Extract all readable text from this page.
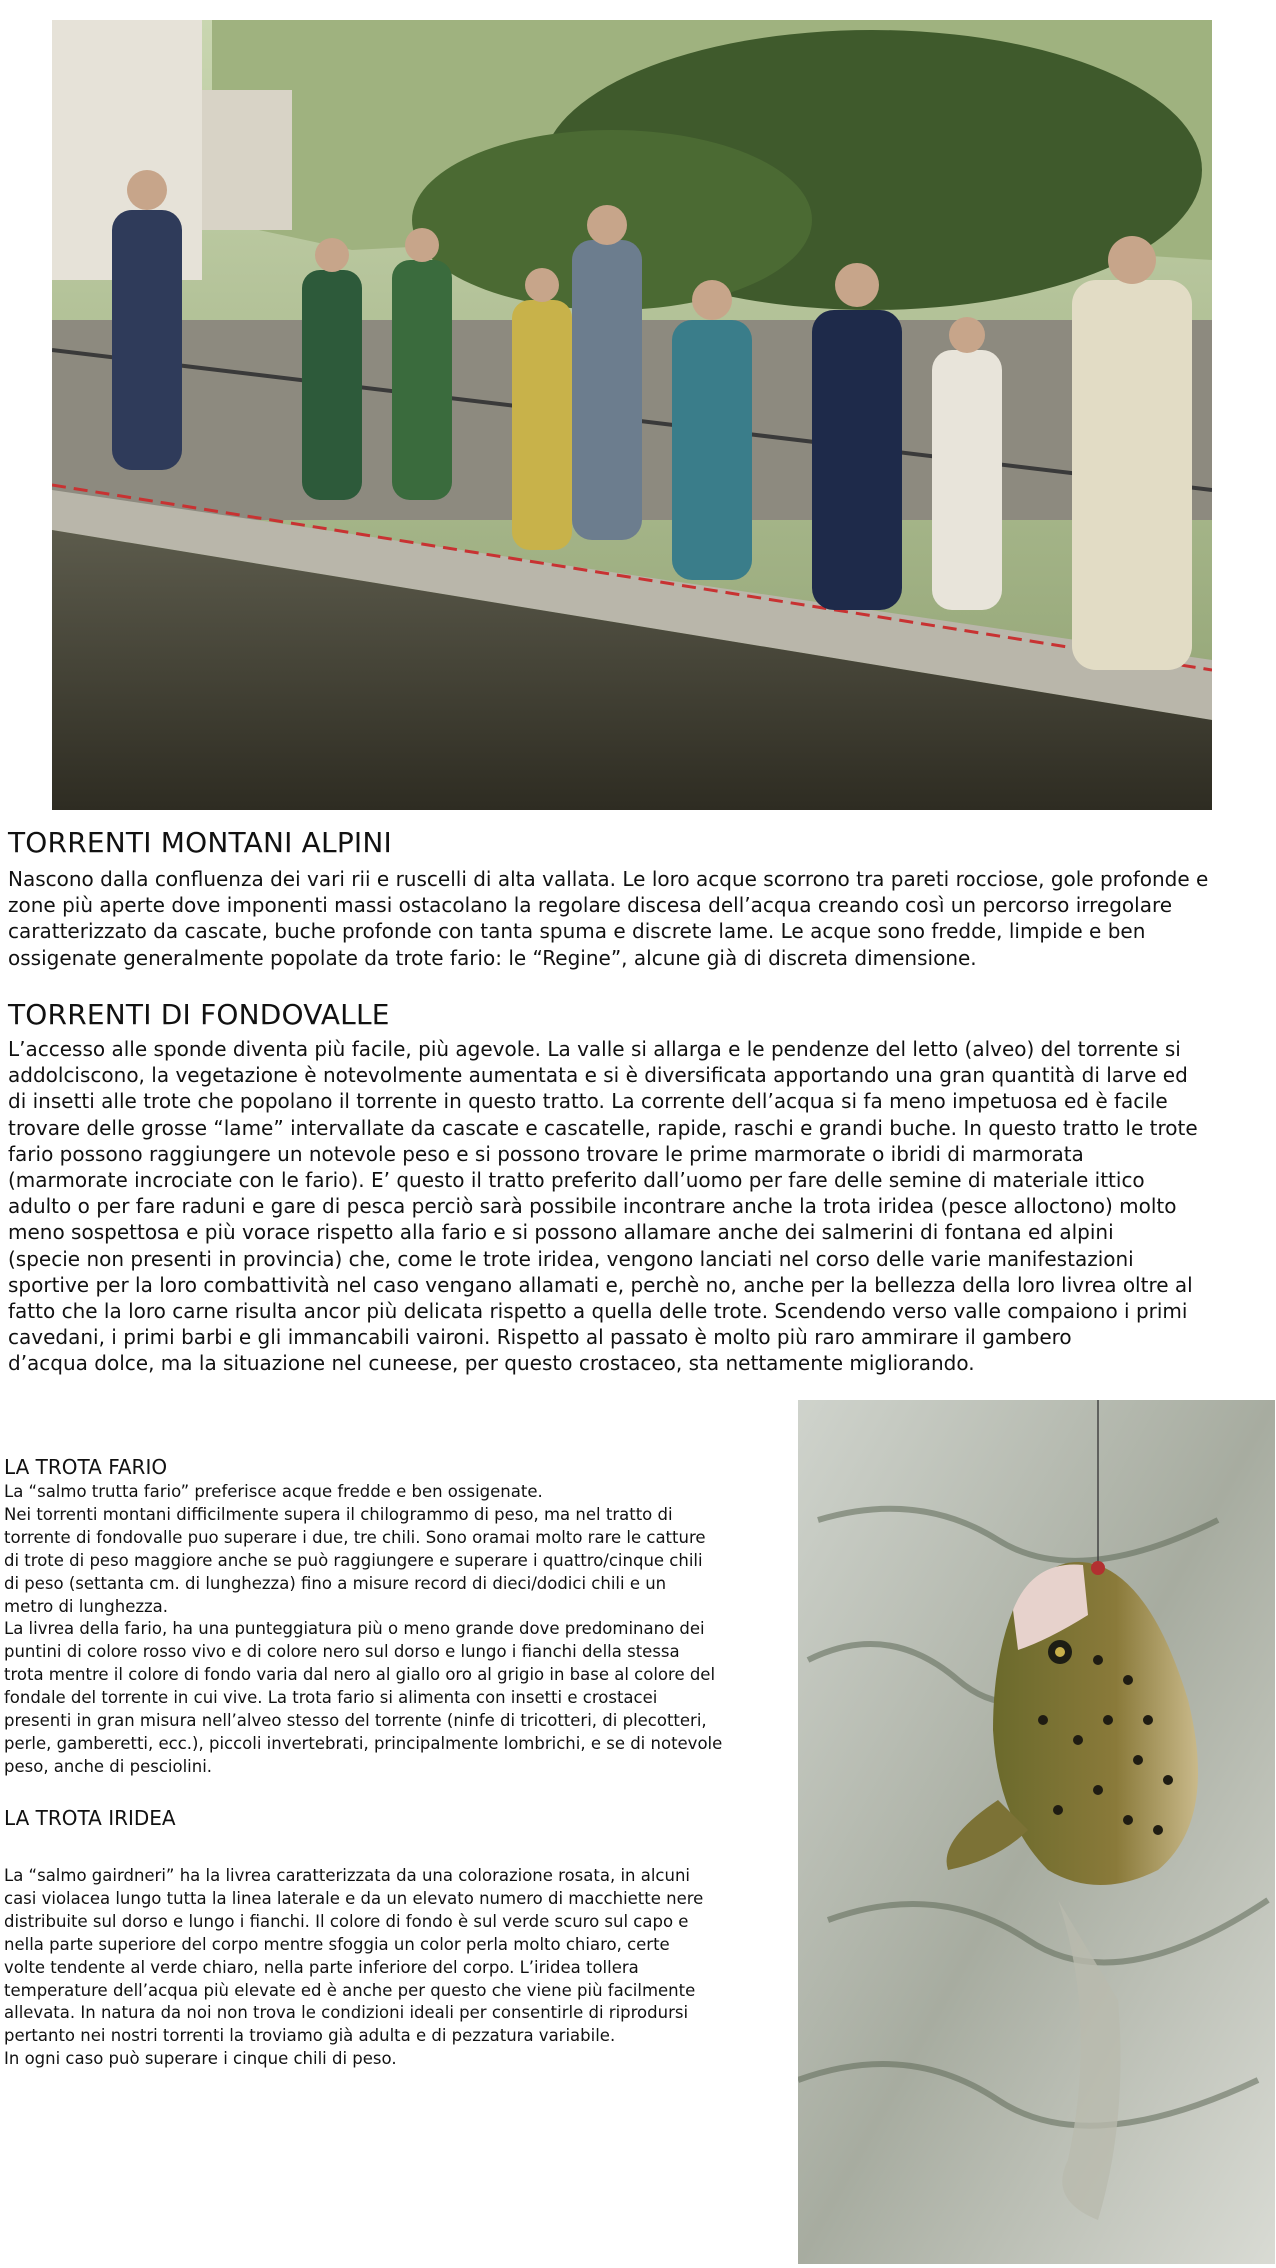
TORRENTI MONTANI ALPINI

Nascono dalla confluenza dei vari rii e ruscelli di alta vallata. Le loro acque scorrono tra pareti rocciose, gole profonde e
zone più aperte dove imponenti massi ostacolano la regolare discesa dell’acqua creando così un percorso irregolare
caratterizzato da cascate, buche profonde con tanta spuma e discrete lame. Le acque sono fredde, limpide e ben
ossigenate generalmente popolate da trote fario: le “Regine”, alcune già di discreta dimensione.

TORRENTI DI FONDOVALLE

L’accesso alle sponde diventa più facile, più agevole. La valle si allarga e le pendenze del letto (alveo) del torrente si
addolciscono, la vegetazione è notevolmente aumentata e si è diversificata apportando una gran quantità di larve ed
di insetti alle trote che popolano il torrente in questo tratto. La corrente dell’acqua si fa meno impetuosa ed è facile
trovare delle grosse “lame” intervallate da cascate e cascatelle, rapide, raschi e grandi buche. In questo tratto le trote
fario possono raggiungere un notevole peso e si possono trovare le prime marmorate o ibridi di marmorata
(marmorate incrociate con le fario). E’ questo il tratto preferito dall’uomo per fare delle semine di materiale ittico
adulto o per fare raduni e gare di pesca perciò sarà possibile incontrare anche la trota iridea (pesce alloctono) molto
meno sospettosa e più vorace rispetto alla fario e si possono allamare anche dei salmerini di fontana ed alpini
(specie non presenti in provincia) che, come le trote iridea, vengono lanciati nel corso delle varie manifestazioni
sportive per la loro combattività nel caso vengano allamati e, perchè no, anche per la bellezza della loro livrea oltre al
fatto che la loro carne risulta ancor più delicata rispetto a quella delle trote. Scendendo verso valle compaiono i primi
cavedani, i primi barbi e gli immancabili vaironi. Rispetto al passato è molto più raro ammirare il gambero
d’acqua dolce, ma la situazione nel cuneese, per questo crostaceo, sta nettamente migliorando.

LA TROTA FARIO

La “salmo trutta fario” preferisce acque fredde e ben ossigenate.
Nei torrenti montani difficilmente supera il chilogrammo di peso, ma nel tratto di
torrente di fondovalle puo superare i due, tre chili. Sono oramai molto rare le catture
di trote di peso maggiore anche se può raggiungere e superare i quattro/cinque chili
di peso (settanta cm. di lunghezza) fino a misure record di dieci/dodici chili e un
metro di lunghezza.
La livrea della fario, ha una punteggiatura più o meno grande dove predominano dei
puntini di colore rosso vivo e di colore nero sul dorso e lungo i fianchi della stessa
trota mentre il colore di fondo varia dal nero al giallo oro al grigio in base al colore del
fondale del torrente in cui vive. La trota fario si alimenta con insetti e crostacei
presenti in gran misura nell’alveo stesso del torrente (ninfe di tricotteri, di plecotteri,
perle, gamberetti, ecc.), piccoli invertebrati, principalmente lombrichi, e se di notevole
peso, anche di pesciolini.

LA TROTA IRIDEA

La “salmo gairdneri” ha la livrea caratterizzata da una colorazione rosata, in alcuni
casi violacea lungo tutta la linea laterale e da un elevato numero di macchiette nere
distribuite sul dorso e lungo i fianchi. Il colore di fondo è sul verde scuro sul capo e
nella parte superiore del corpo mentre sfoggia un color perla molto chiaro, certe
volte tendente al verde chiaro, nella parte inferiore del corpo. L’iridea tollera
temperature dell’acqua più elevate ed è anche per questo che viene più facilmente
allevata. In natura da noi non trova le condizioni ideali per consentirle di riprodursi
pertanto nei nostri torrenti la troviamo già adulta e di pezzatura variabile.
In ogni caso può superare i cinque chili di peso.
